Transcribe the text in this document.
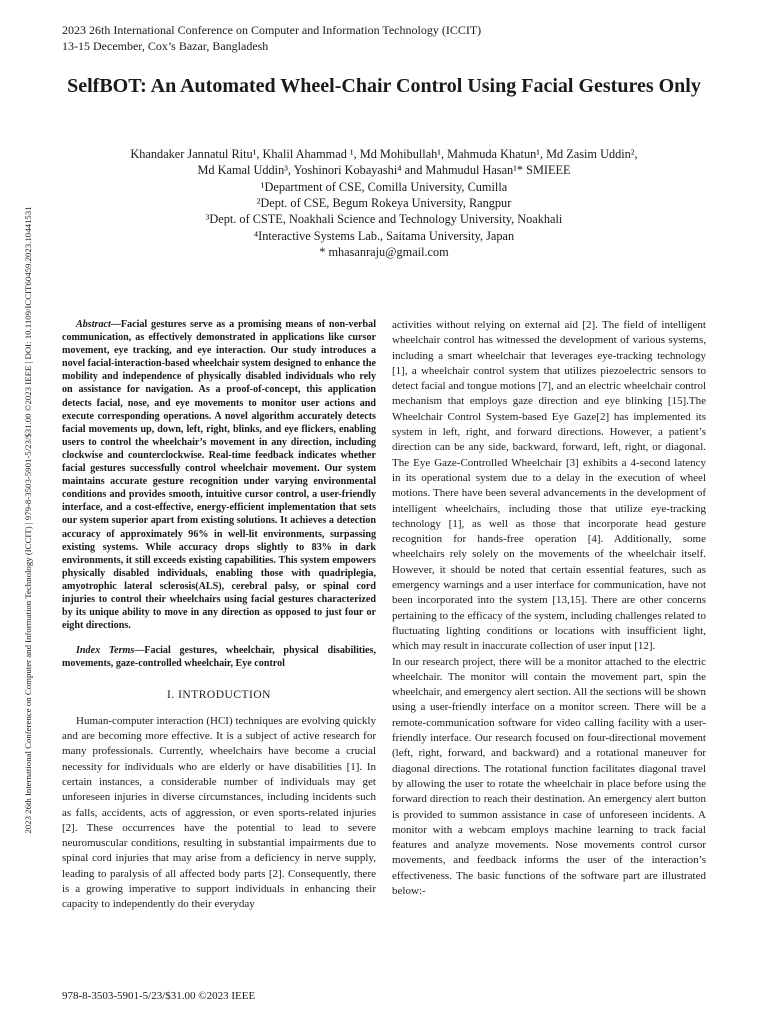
2023 26th International Conference on Computer and Information Technology (ICCIT)
13-15 December, Cox’s Bazar, Bangladesh
SelfBOT: An Automated Wheel-Chair Control Using Facial Gestures Only
Khandaker Jannatul Ritu¹, Khalil Ahammad ¹, Md Mohibullah¹, Mahmuda Khatun¹, Md Zasim Uddin²,
Md Kamal Uddin³, Yoshinori Kobayashi⁴ and Mahmudul Hasan¹* SMIEEE
¹Department of CSE, Comilla University, Cumilla
²Dept. of CSE, Begum Rokeya University, Rangpur
³Dept. of CSTE, Noakhali Science and Technology University, Noakhali
⁴Interactive Systems Lab., Saitama University, Japan
* mhasanraju@gmail.com
2023 26th International Conference on Computer and Information Technology (ICCIT) | 979-8-3503-5901-5/23/$31.00 ©2023 IEEE | DOI: 10.1109/ICCIT60459.2023.10441531	Abstract—Facial gestures serve as a promising means of non-verbal communication, as effectively demonstrated in applications like cursor movement, eye tracking, and eye interaction. Our study introduces a novel facial-interaction-based wheelchair system designed to enhance the mobility and independence of physically disabled individuals who rely on assistance for navigation. As a proof-of-concept, this application detects facial, nose, and eye movements to monitor user actions and execute corresponding operations. A novel algorithm accurately detects facial movements up, down, left, right, blinks, and eye flickers, enabling users to control the wheelchair’s movement in any direction, including clockwise and counterclockwise. Real-time feedback indicates whether facial gestures successfully control wheelchair movement. Our system maintains accurate gesture recognition under varying environmental conditions and provides smooth, intuitive cursor control, a user-friendly interface, and a cost-effective, energy-efficient implementation that sets our system superior apart from existing solutions. It achieves a detection accuracy of approximately 96% in well-lit environments, surpassing existing systems. While accuracy drops slightly to 83% in dark environments, it still exceeds existing capabilities. This system empowers physically disabled individuals, enabling those with quadriplegia, amyotrophic lateral sclerosis(ALS), cerebral palsy, or spinal cord injuries to control their wheelchairs using facial gestures characterized by its unique ability to move in any direction as opposed to just four or eight directions.

Index Terms—Facial gestures, wheelchair, physical disabilities, movements, gaze-controlled wheelchair, Eye control

I. INTRODUCTION

Human-computer interaction (HCI) techniques are evolving quickly and are becoming more effective. It is a subject of active research for many professionals. Currently, wheelchairs have become a crucial necessity for individuals who are elderly or have disabilities [1]. In certain instances, a considerable number of individuals may get unforeseen injuries in diverse circumstances, including incidents such as falls, accidents, acts of aggression, or even sports-related injuries [2]. These occurrences have the potential to lead to severe neuromuscular conditions, resulting in substantial impairments due to spinal cord injuries that may arise from a deficiency in nerve supply, leading to paralysis of all affected body parts [2]. Consequently, there is a growing imperative to support individuals in enhancing their capacity to independently do their everyday

activities without relying on external aid [2]. The field of intelligent wheelchair control has witnessed the development of various systems, including a smart wheelchair that leverages eye-tracking technology [1], a wheelchair control system that utilizes piezoelectric sensors to detect facial and tongue motions [7], and an electric wheelchair control mechanism that employs gaze direction and eye blinking [15].The Wheelchair Control System-based Eye Gaze[2] has implemented its system in left, right, and forward directions. However, a patient’s direction can be any side, backward, forward, left, right, or diagonal. The Eye Gaze-Controlled Wheelchair [3] exhibits a 4-second latency in its operational system due to a delay in the execution of wheel motions. There have been several advancements in the development of intelligent wheelchairs, including those that utilize eye-tracking technology [1], as well as those that incorporate head gesture recognition for hands-free operation [4]. Additionally, some wheelchairs rely solely on the movements of the wheelchair itself. However, it should be noted that certain essential features, such as emergency warnings and a user interface for communication, have not been incorporated into the system [13,15]. There are other concerns pertaining to the efficacy of the system, including challenges related to fluctuating lighting conditions or locations with insufficient light, which may result in inaccurate collection of user input [12].

In our research project, there will be a monitor attached to the electric wheelchair. The monitor will contain the movement part, spin the wheelchair, and emergency alert section. All the sections will be shown using a user-friendly interface on a monitor screen. There will be a remote-communication software for video calling facility with a user-friendly interface. Our research focused on four-directional movement (left, right, forward, and backward) and a rotational maneuver for diagonal directions. The rotational function facilitates diagonal travel by allowing the user to rotate the wheelchair in place before using the forward direction to reach their destination. An emergency alert button is provided to summon assistance in case of unforeseen incidents. A monitor with a webcam employs machine learning to track facial features and analyze movements. Nose movements control cursor movements, and feedback informs the user of the interaction’s effectiveness. The basic functions of the software part are illustrated below:-

978-8-3503-5901-5/23/$31.00 ©2023 IEEE
